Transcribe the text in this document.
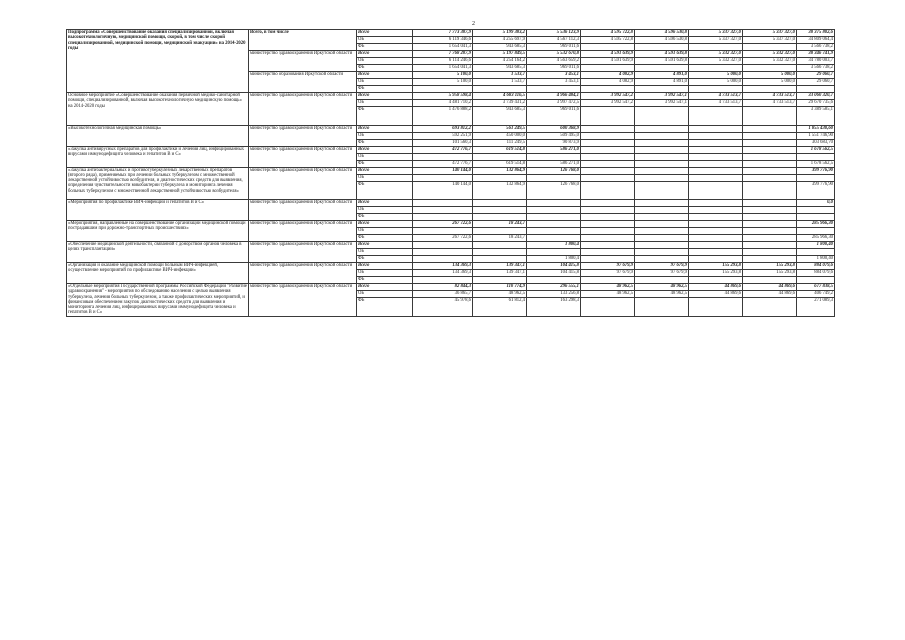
2
Подпрограмма «Совершенствование оказания специализированной, включая высокотехнологичную, медицинской помощи, скорой, в том числе скорой специализированной, медицинской помощи, медицинской эвакуации» на 2014-2020 годы	Всего, в том числе	Всего	7 773 387,9	5 199 383,2	5 536 123,9	4 595 722,8	4 596 530,8	5 337 327,0	5 337 327,0	38 375 802,6
		ОБ	6 119 346,6	4 255 697,9	4 567 112,3	4 595 722,8	4 596 530,8	5 337 327,0	5 337 327,0	34 809 064,4
		ФБ	1 654 041,3	943 685,3	969 011,6					3 566 738,2
	министерство здравоохранения Иркутской области	Всего	7 768 287,9	5 197 849,5	5 532 670,8	4 591 639,9	4 591 639,8	5 332 327,0	5 332 327,0	38 346 741,9
		ОБ	6 114 246,6	4 254 164,2	4 563 659,2	4 591 639,9	4 591 639,8	5 332 327,0	5 332 327,0	34 780 003,7
		ФБ	1 654 041,3	943 685,3	969 011,6					3 566 738,2
	министерство образования Иркутской области	Всего	5 100,0	1 533,7	3 453,1	4 082,9	4 891,0	5 000,0	5 000,0	29 060,7
		ОБ	5 100,0	1 533,7	3 453,1	4 082,9	4 891,0	5 000,0	5 000,0	29 060,7
		ФБ								
Основное мероприятие «Совершенствование оказания первичной медико-санитарной помощи, специализированной, включая высокотехнологичную медицинскую помощь» на 2014-2020 годы	министерство здравоохранения Иркутской области	Всего	5 958 598,4	4 683 116,5	4 966 484,1	3 992 547,2	3 992 547,1	4 733 513,7	4 733 513,7	33 060 320,7
		ОБ	4 481 710,2	3 739 431,2	3 997 472,5	3 992 547,2	3 992 547,1	4 733 513,7	4 733 513,7	29 670 735,6
		ФБ	1 476 888,2	943 685,3	969 011,6					3 389 585,1
«Высокотехнологичная медицинская помощь»	министерство здравоохранения Иркутской области	Всего	693 812,2	561 249,5	600 368,9					1 855 430,60
		ОБ	592 251,9	450 000,0	509 495,0					1 551 746,90
		ФБ	101 560,3	111 249,5	90 873,9					303 683,70
«Закупка антивирусных препаратов для профилактики и лечения лиц, инфицированных вирусами иммунодефицита человека и гепатитов В и С»	министерство здравоохранения Иркутской области	Всего	472 776,7	619 514,8	586 271,0					1 678 562,5
		ОБ								
		ФБ	472 776,7	619 514,8	586 271,0					1 678 562,5
«Закупка антибактериальных и противотуберкулезных лекарственных препаратов (второго ряда), применяемых при лечении больных туберкулезом с множественной лекарственной устойчивостью возбудителя, и диагностических средств для выявления, определения чувствительности микобактерии туберкулеза и мониторинга лечения больных туберкулезом с множественной лекарственной устойчивостью возбудителя»	министерство здравоохранения Иркутской области	Всего	140 144,0	132 864,9	126 768,0					399 776,90
		ОБ								
		ФБ	140 144,0	132 864,9	126 768,0					399 776,90
«Мероприятия по профилактике ВИЧ-инфекции и гепатитов В и С»	министерство здравоохранения Иркутской области	Всего								0,0
		ОБ								
		ФБ								
«Мероприятия, направленные на совершенствование организации медицинской помощи пострадавшим при дорожно-транспортных происшествиях»	министерство здравоохранения Иркутской области	Всего	267 722,6	18 243,7						285 966,30
		ОБ								
		ФБ	267 722,6	18 243,7						285 966,30
«Обеспечение медицинской деятельности, связанной с донорством органов человека в целях трансплантации»	министерство здравоохранения Иркутской области	Всего			1 800,4					1 800,40
		ОБ								
		ФБ			1 800,4					1 800,40
«Организация и оказание медицинской помощи больным ВИЧ-инфекцией, осуществление мероприятий по профилактике ВИЧ-инфекции»	министерство здравоохранения Иркутской области	Всего	134 369,3	139 347,1	104 415,8	97 679,9	97 679,9	155 293,8	155 293,8	884 079,6
		ОБ	134 369,3	139 347,1	104 415,8	97 679,9	97 679,9	155 293,8	155 293,8	884 079,6
		ФБ								
«Отдельные мероприятия Государственной программы Российской Федерации "Развитие здравоохранения" - мероприятия по обследованию населения с целью выявления туберкулеза, лечения больных туберкулезом, а также профилактических мероприятий, и финансовым обеспечением закупок диагностических средств для выявления и мониторинга лечения лиц, инфицированных вирусами иммунодефицита человека и гепатитов В и С»	министерство здравоохранения Иркутской области	Всего	82 844,3	110 774,9	296 555,1	48 962,5	48 962,5	44 869,6	44 869,6	677 838,5
		ОБ	36 865,7	48 962,5	133 256,8	48 962,5	48 962,5	44 869,6	44 869,6	406 749,2
		ФБ	45 978,6	61 812,4	163 298,3					271 089,3
